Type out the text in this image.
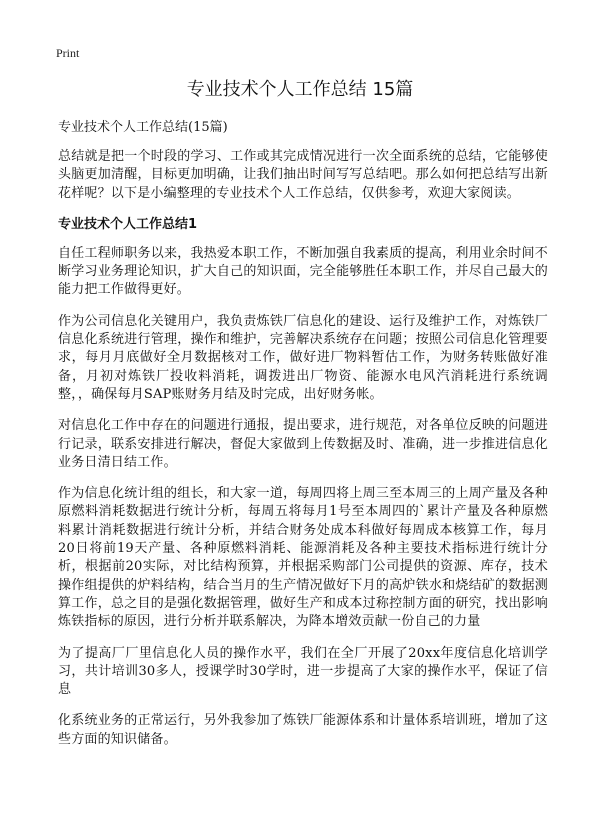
Print
专业技术个人工作总结 15篇

专业技术个人工作总结(15篇)

总结就是把一个时段的学习、工作或其完成情况进行一次全面系统的总结，它能够使头脑更加清醒，目标更加明确，让我们抽出时间写写总结吧。那么如何把总结写出新花样呢？以下是小编整理的专业技术个人工作总结，仅供参考，欢迎大家阅读。

专业技术个人工作总结1

自任工程师职务以来，我热爱本职工作，不断加强自我素质的提高，利用业余时间不断学习业务理论知识，扩大自己的知识面，完全能够胜任本职工作，并尽自己最大的能力把工作做得更好。

作为公司信息化关键用户，我负责炼铁厂信息化的建设、运行及维护工作，对炼铁厂信息化系统进行管理，操作和维护，完善解决系统存在问题；按照公司信息化管理要求，每月月底做好全月数据核对工作，做好进厂物料暂估工作，为财务转账做好准备，月初对炼铁厂投收料消耗，调拨进出厂物资、能源水电风汽消耗进行系统调整，，确保每月SAP账财务月结及时完成，出好财务帐。

对信息化工作中存在的问题进行通报，提出要求，进行规范，对各单位反映的问题进行记录，联系安排进行解决，督促大家做到上传数据及时、准确，进一步推进信息化业务日清日结工作。

作为信息化统计组的组长，和大家一道，每周四将上周三至本周三的上周产量及各种原燃料消耗数据进行统计分析，每周五将每月1号至本周四的`累计产量及各种原燃料累计消耗数据进行统计分析，并结合财务处成本科做好每周成本核算工作，每月20日将前19天产量、各种原燃料消耗、能源消耗及各种主要技术指标进行统计分析，根据前20实际，对比结构预算，并根据采购部门公司提供的资源、库存，技术操作组提供的炉料结构，结合当月的生产情况做好下月的高炉铁水和烧结矿的数据测算工作，总之目的是强化数据管理，做好生产和成本过称控制方面的研究，找出影响炼铁指标的原因，进行分析并联系解决，为降本增效贡献一份自己的力量

为了提高厂厂里信息化人员的操作水平，我们在全厂开展了20xx年度信息化培训学习，共计培训30多人，授课学时30学时，进一步提高了大家的操作水平，保证了信息

化系统业务的正常运行，另外我参加了炼铁厂能源体系和计量体系培训班，增加了这些方面的知识储备。
